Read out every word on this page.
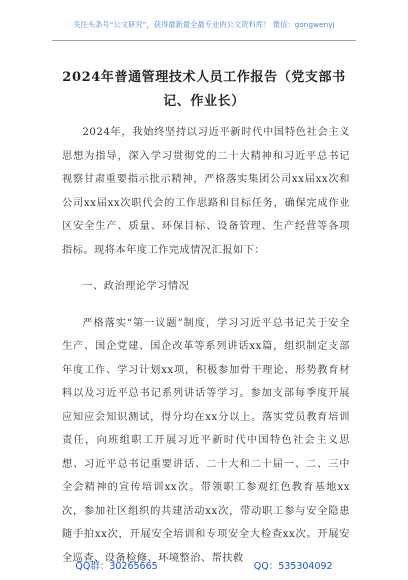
关注头条号“公文研究”，获得最新最全最专业的公文资料库！ 微信：gongwenyj
2024年普通管理技术人员工作报告（党支部书记、作业长）

2024年，我始终坚持以习近平新时代中国特色社会主义思想为指导，深入学习贯彻党的二十大精神和习近平总书记视察甘肃重要指示批示精神，严格落实集团公司xx届xx次和公司xx届xx次职代会的工作思路和目标任务，确保完成作业区安全生产、质量、环保目标、设备管理、生产经营等各项指标。现将本年度工作完成情况汇报如下：

一、政治理论学习情况

严格落实“第一议题”制度，学习习近平总书记关于安全生产、国企党建、国企改革等系列讲话xx篇，组织制定支部年度工作、学习计划xx项，积极参加骨干理论、形势教育材料以及习近平总书记系列讲话等学习。参加支部每季度开展应知应会知识测试，得分均在xx分以上。落实党员教育培训责任，向班组职工开展习近平新时代中国特色社会主义思想、习近平总书记重要讲话、二十大和二十届一、二、三中全会精神的宣传培训xx次。带领职工参观红色教育基地xx次，参加社区组织的共建活动xx次，带动职工参与安全隐患随手拍xx次，开展安全培训和专项安全大检查xx次。开展安全巡查、设备检修、环境整治、帮扶救

QQ群：30265665	QQ：535304092
